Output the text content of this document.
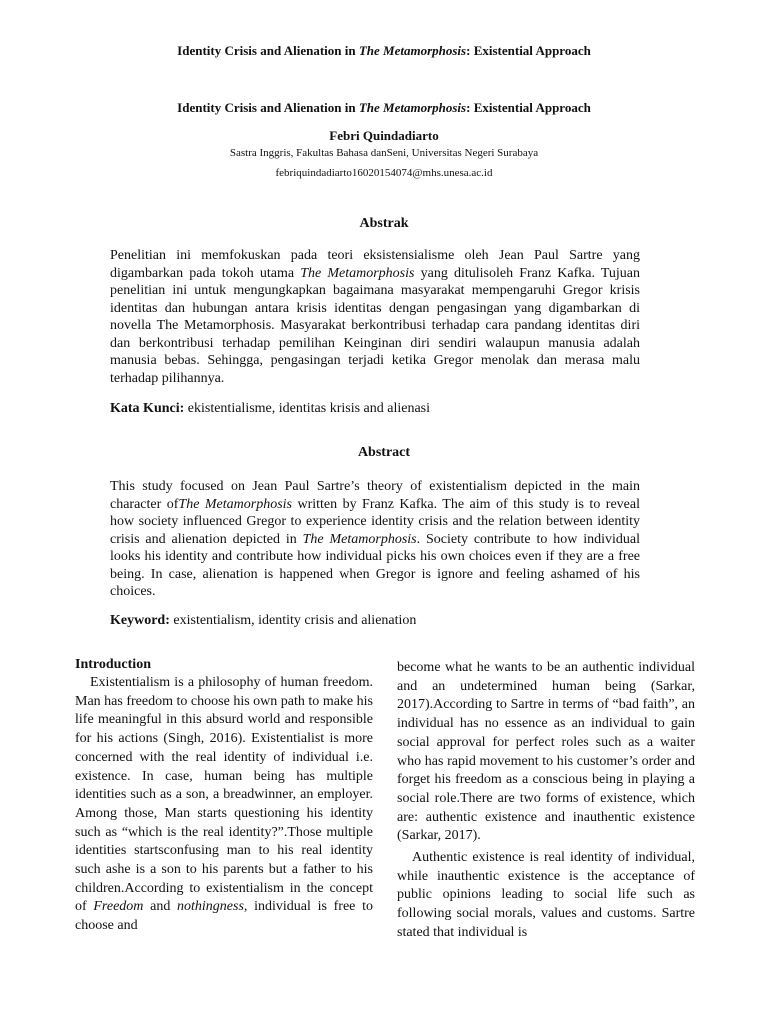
Identity Crisis and Alienation in The Metamorphosis: Existential Approach
Identity Crisis and Alienation in The Metamorphosis: Existential Approach
Febri Quindadiarto
Sastra Inggris, Fakultas Bahasa danSeni, Universitas Negeri Surabaya
febriquindadiarto16020154074@mhs.unesa.ac.id
Abstrak
Penelitian ini memfokuskan pada teori eksistensialisme oleh Jean Paul Sartre yang digambarkan pada tokoh utama The Metamorphosis yang ditulisoleh Franz Kafka. Tujuan penelitian ini untuk mengungkapkan bagaimana masyarakat mempengaruhi Gregor krisis identitas dan hubungan antara krisis identitas dengan pengasingan yang digambarkan di novella The Metamorphosis. Masyarakat berkontribusi terhadap cara pandang identitas diri dan berkontribusi terhadap pemilihan Keinginan diri sendiri walaupun manusia adalah manusia bebas. Sehingga, pengasingan terjadi ketika Gregor menolak dan merasa malu terhadap pilihannya.
Kata Kunci: ekistentialisme, identitas krisis and alienasi
Abstract
This study focused on Jean Paul Sartre’s theory of existentialism depicted in the main character ofThe Metamorphosis written by Franz Kafka. The aim of this study is to reveal how society influenced Gregor to experience identity crisis and the relation between identity crisis and alienation depicted in The Metamorphosis. Society contribute to how individual looks his identity and contribute how individual picks his own choices even if they are a free being. In case, alienation is happened when Gregor is ignore and feeling ashamed of his choices.
Keyword: existentialism, identity crisis and alienation
Introduction

Existentialism is a philosophy of human freedom. Man has freedom to choose his own path to make his life meaningful in this absurd world and responsible for his actions (Singh, 2016). Existentialist is more concerned with the real identity of individual i.e. existence. In case, human being has multiple identities such as a son, a breadwinner, an employer. Among those, Man starts questioning his identity such as “which is the real identity?”.Those multiple identities startsconfusing man to his real identity such ashe is a son to his parents but a father to his children.According to existentialism in the concept of Freedom and nothingness, individual is free to choose and

become what he wants to be an authentic individual and an undetermined human being (Sarkar, 2017).According to Sartre in terms of “bad faith”, an individual has no essence as an individual to gain social approval for perfect roles such as a waiter who has rapid movement to his customer’s order and forget his freedom as a conscious being in playing a social role.There are two forms of existence, which are: authentic existence and inauthentic existence (Sarkar, 2017).

Authentic existence is real identity of individual, while inauthentic existence is the acceptance of public opinions leading to social life such as following social morals, values and customs. Sartre stated that individual is
